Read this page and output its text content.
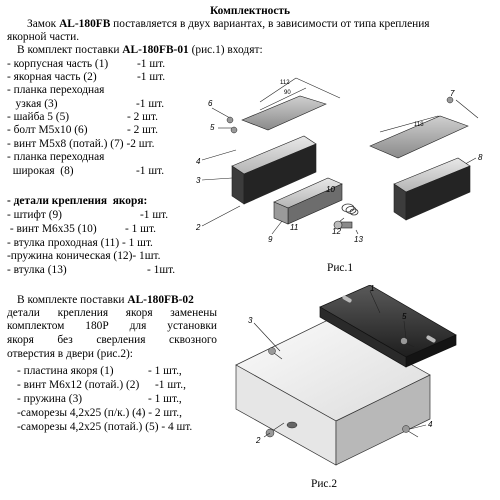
Комплектность
Замок AL-180FB поставляется в двух вариантах, в зависимости от типа крепления
якорной части.
В комплект поставки AL-180FB-01 (рис.1) входят:
- корпусная часть (1)	-1 шт.
- якорная часть (2)	-1 шт.
- планка переходная
узкая (3)	-1 шт.
- шайба 5 (5)	- 2 шт.
- болт М5х10 (6)	- 2 шт.
- винт М5х8 (потай.) (7) -2 шт.
- планка переходная
широкая  (8)	-1 шт.
- детали крепления  якоря:
- штифт (9)	-1 шт.
- винт М6х35 (10) - 1 шт.
- втулка проходная (11) - 1 шт.
-пружина коническая (12)- 1шт.
- втулка (13)	- 1шт.
112
90
118
6
5
4
3
2
9
10
11	12
13
7
8
Рис.1
В комплекте поставки AL-180FB-02
детали крепления якоря заменены
комплектом 180Р для установки
якоря без сверления сквозного
отверстия в двери (рис.2):
- пластина якоря (1)	- 1 шт.,
- винт М6х12 (потай.) (2) -1 шт.,
- пружина (3)	- 1 шт.,
-саморезы 4,2х25 (п/к.) (4) - 2 шт.,
-саморезы 4,2х25 (потай.) (5) - 4 шт.
1
2
3
4
5
Рис.2
